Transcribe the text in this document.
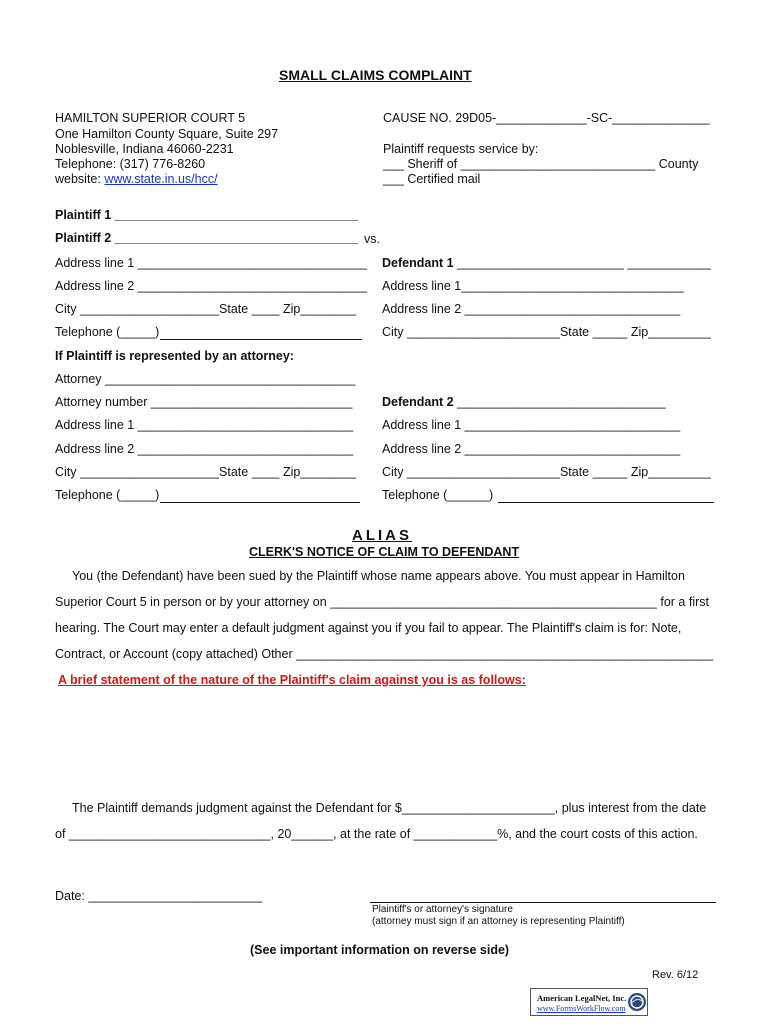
SMALL CLAIMS COMPLAINT
HAMILTON SUPERIOR COURT 5
One Hamilton County Square, Suite 297
Noblesville, Indiana 46060-2231
Telephone: (317) 776-8260
website: www.state.in.us/hcc/
CAUSE NO. 29D05-_____________-SC-______________
Plaintiff requests service by:
___ Sheriff of ____________________________ County
___ Certified mail
Plaintiff 1 ___________________________________
Plaintiff 2 ___________________________________ vs.
Address line 1 _________________________________
Address line 2 _________________________________
City ____________________State ____ Zip________
Telephone (_____)
If Plaintiff is represented by an attorney:
Attorney ____________________________________
Attorney number _____________________________
Address line 1 _______________________________
Address line 2 _______________________________
City ____________________State ____ Zip________
Telephone (_____)
Defendant 1 ________________________ ____________
Address line 1________________________________
Address line 2 _______________________________
City ______________________State _____ Zip_________
Defendant 2 ______________________________
Address line 1 _______________________________
Address line 2 _______________________________
City ______________________State _____ Zip_________
Telephone (______)
ALIAS
CLERK'S NOTICE OF CLAIM TO DEFENDANT
You (the Defendant) have been sued by the Plaintiff whose name appears above. You must appear in Hamilton
Superior Court 5 in person or by your attorney on _______________________________________________ for a first
hearing. The Court may enter a default judgment against you if you fail to appear. The Plaintiff's claim is for: Note,
Contract, or Account (copy attached) Other ____________________________________________________________
A brief statement of the nature of the Plaintiff's claim against you is as follows:
The Plaintiff demands judgment against the Defendant for $______________________, plus interest from the date
of _____________________________, 20______, at the rate of ____________%, and the court costs of this action.
Date: _________________________
Plaintiff's or attorney's signature
(attorney must sign if an attorney is representing Plaintiff)
(See important information on reverse side)
Rev. 6/12
American LegalNet, Inc.
www.FormsWorkFlow.com
